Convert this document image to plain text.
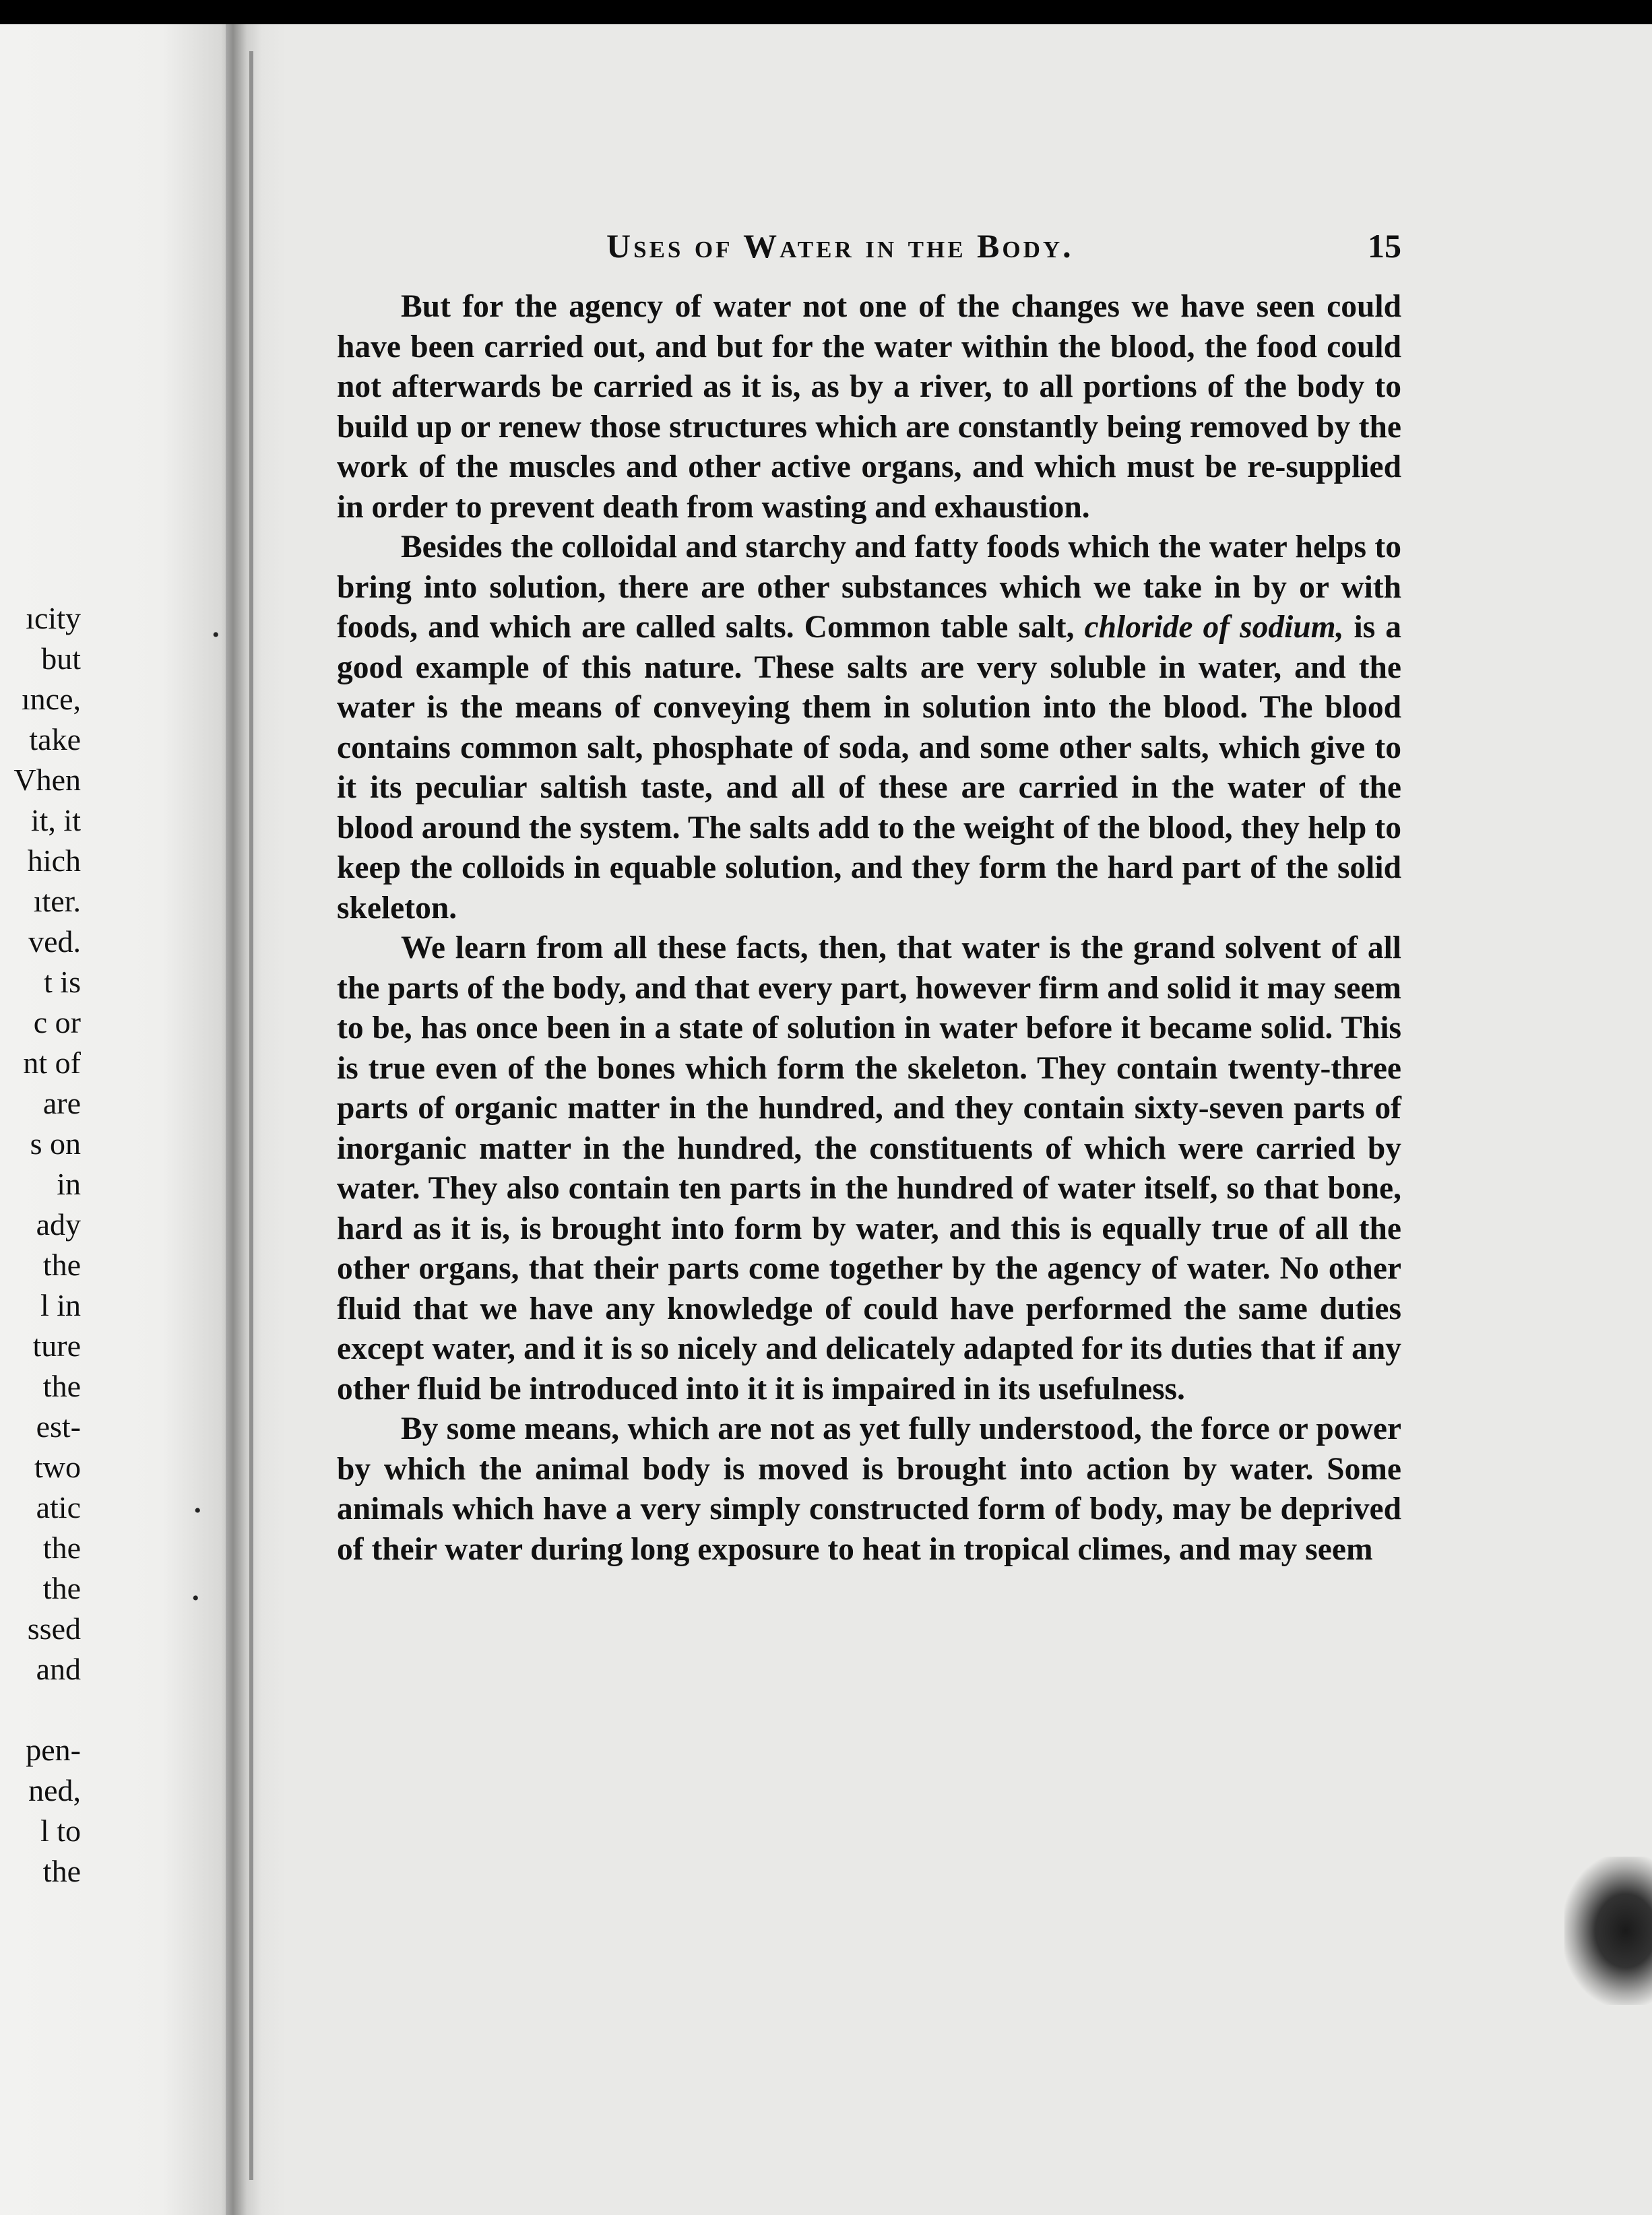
ıcity

but

ınce,

take

Vhen

it, it

hich

ıter.

ved.

t is

c or

nt of

are

s on

in

ady

the

l in

ture

the

est-

two

atic

the

the

ssed

and

pen-

ned,

l to

the

•
•
•
Uses of Water in the Body.	15

But for the agency of water not one of the changes we have seen could have been carried out, and but for the water within the blood, the food could not afterwards be carried as it is, as by a river, to all portions of the body to build up or renew those structures which are constantly being removed by the work of the muscles and other active organs, and which must be re-supplied in order to prevent death from wasting and exhaustion.

Besides the colloidal and starchy and fatty foods which the water helps to bring into solution, there are other substances which we take in by or with foods, and which are called salts. Common table salt, chloride of sodium, is a good example of this nature. These salts are very soluble in water, and the water is the means of conveying them in solution into the blood. The blood contains common salt, phosphate of soda, and some other salts, which give to it its peculiar saltish taste, and all of these are carried in the water of the blood around the system. The salts add to the weight of the blood, they help to keep the colloids in equable solution, and they form the hard part of the solid skeleton.

We learn from all these facts, then, that water is the grand solvent of all the parts of the body, and that every part, however firm and solid it may seem to be, has once been in a state of solution in water before it became solid. This is true even of the bones which form the skeleton. They contain twenty-three parts of organic matter in the hundred, and they contain sixty-seven parts of inorganic matter in the hundred, the constituents of which were carried by water. They also contain ten parts in the hundred of water itself, so that bone, hard as it is, is brought into form by water, and this is equally true of all the other organs, that their parts come together by the agency of water. No other fluid that we have any knowledge of could have performed the same duties except water, and it is so nicely and delicately adapted for its duties that if any other fluid be introduced into it it is impaired in its usefulness.

By some means, which are not as yet fully understood, the force or power by which the animal body is moved is brought into action by water. Some animals which have a very simply constructed form of body, may be deprived of their water during long exposure to heat in tropical climes, and may seem
